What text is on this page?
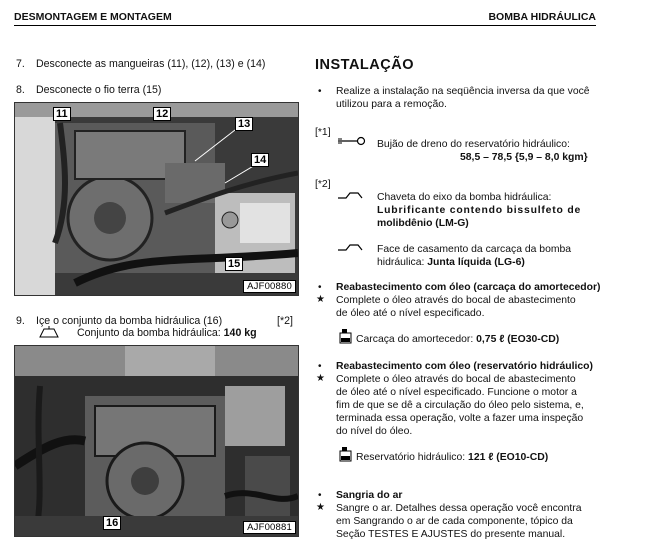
DESMONTAGEM E MONTAGEM	BOMBA HIDRÁULICA
7. Desconecte as mangueiras (11), (12), (13) e (14)
8. Desconecte o fio terra (15)
11	12
13
14
15
AJF00880
9. Içe o conjunto da bomba hidráulica (16)	[*2]
Conjunto da bomba hidráulica: 140 kg
16	AJF00881
INSTALAÇÃO
• Realize a instalação na seqüência inversa da que você
utilizou para a remoção.
[*1]
Bujão de dreno do reservatório hidráulico:
58,5 – 78,5 {5,9 – 8,0 kgm}
[*2]
Chaveta do eixo da bomba hidráulica:
Lubrificante contendo bissulfeto de
molibdênio (LM-G)
Face de casamento da carcaça da bomba
hidráulica: Junta líquida (LG-6)
• Reabastecimento com óleo (carcaça do amortecedor)
★ Complete o óleo através do bocal de abastecimento
de óleo até o nível especificado.
Carcaça do amortecedor: 0,75 ℓ (EO30-CD)
• Reabastecimento com óleo (reservatório hidráulico)
★ Complete o óleo através do bocal de abastecimento
de óleo até o nível especificado. Funcione o motor a
fim de que se dê a circulação do óleo pelo sistema, e,
terminada essa operação, volte a fazer uma inspeção
do nível do óleo.
Reservatório hidráulico: 121 ℓ (EO10-CD)
• Sangria do ar
★ Sangre o ar. Detalhes dessa operação você encontra
em Sangrando o ar de cada componente, tópico da
Seção TESTES E AJUSTES do presente manual.
